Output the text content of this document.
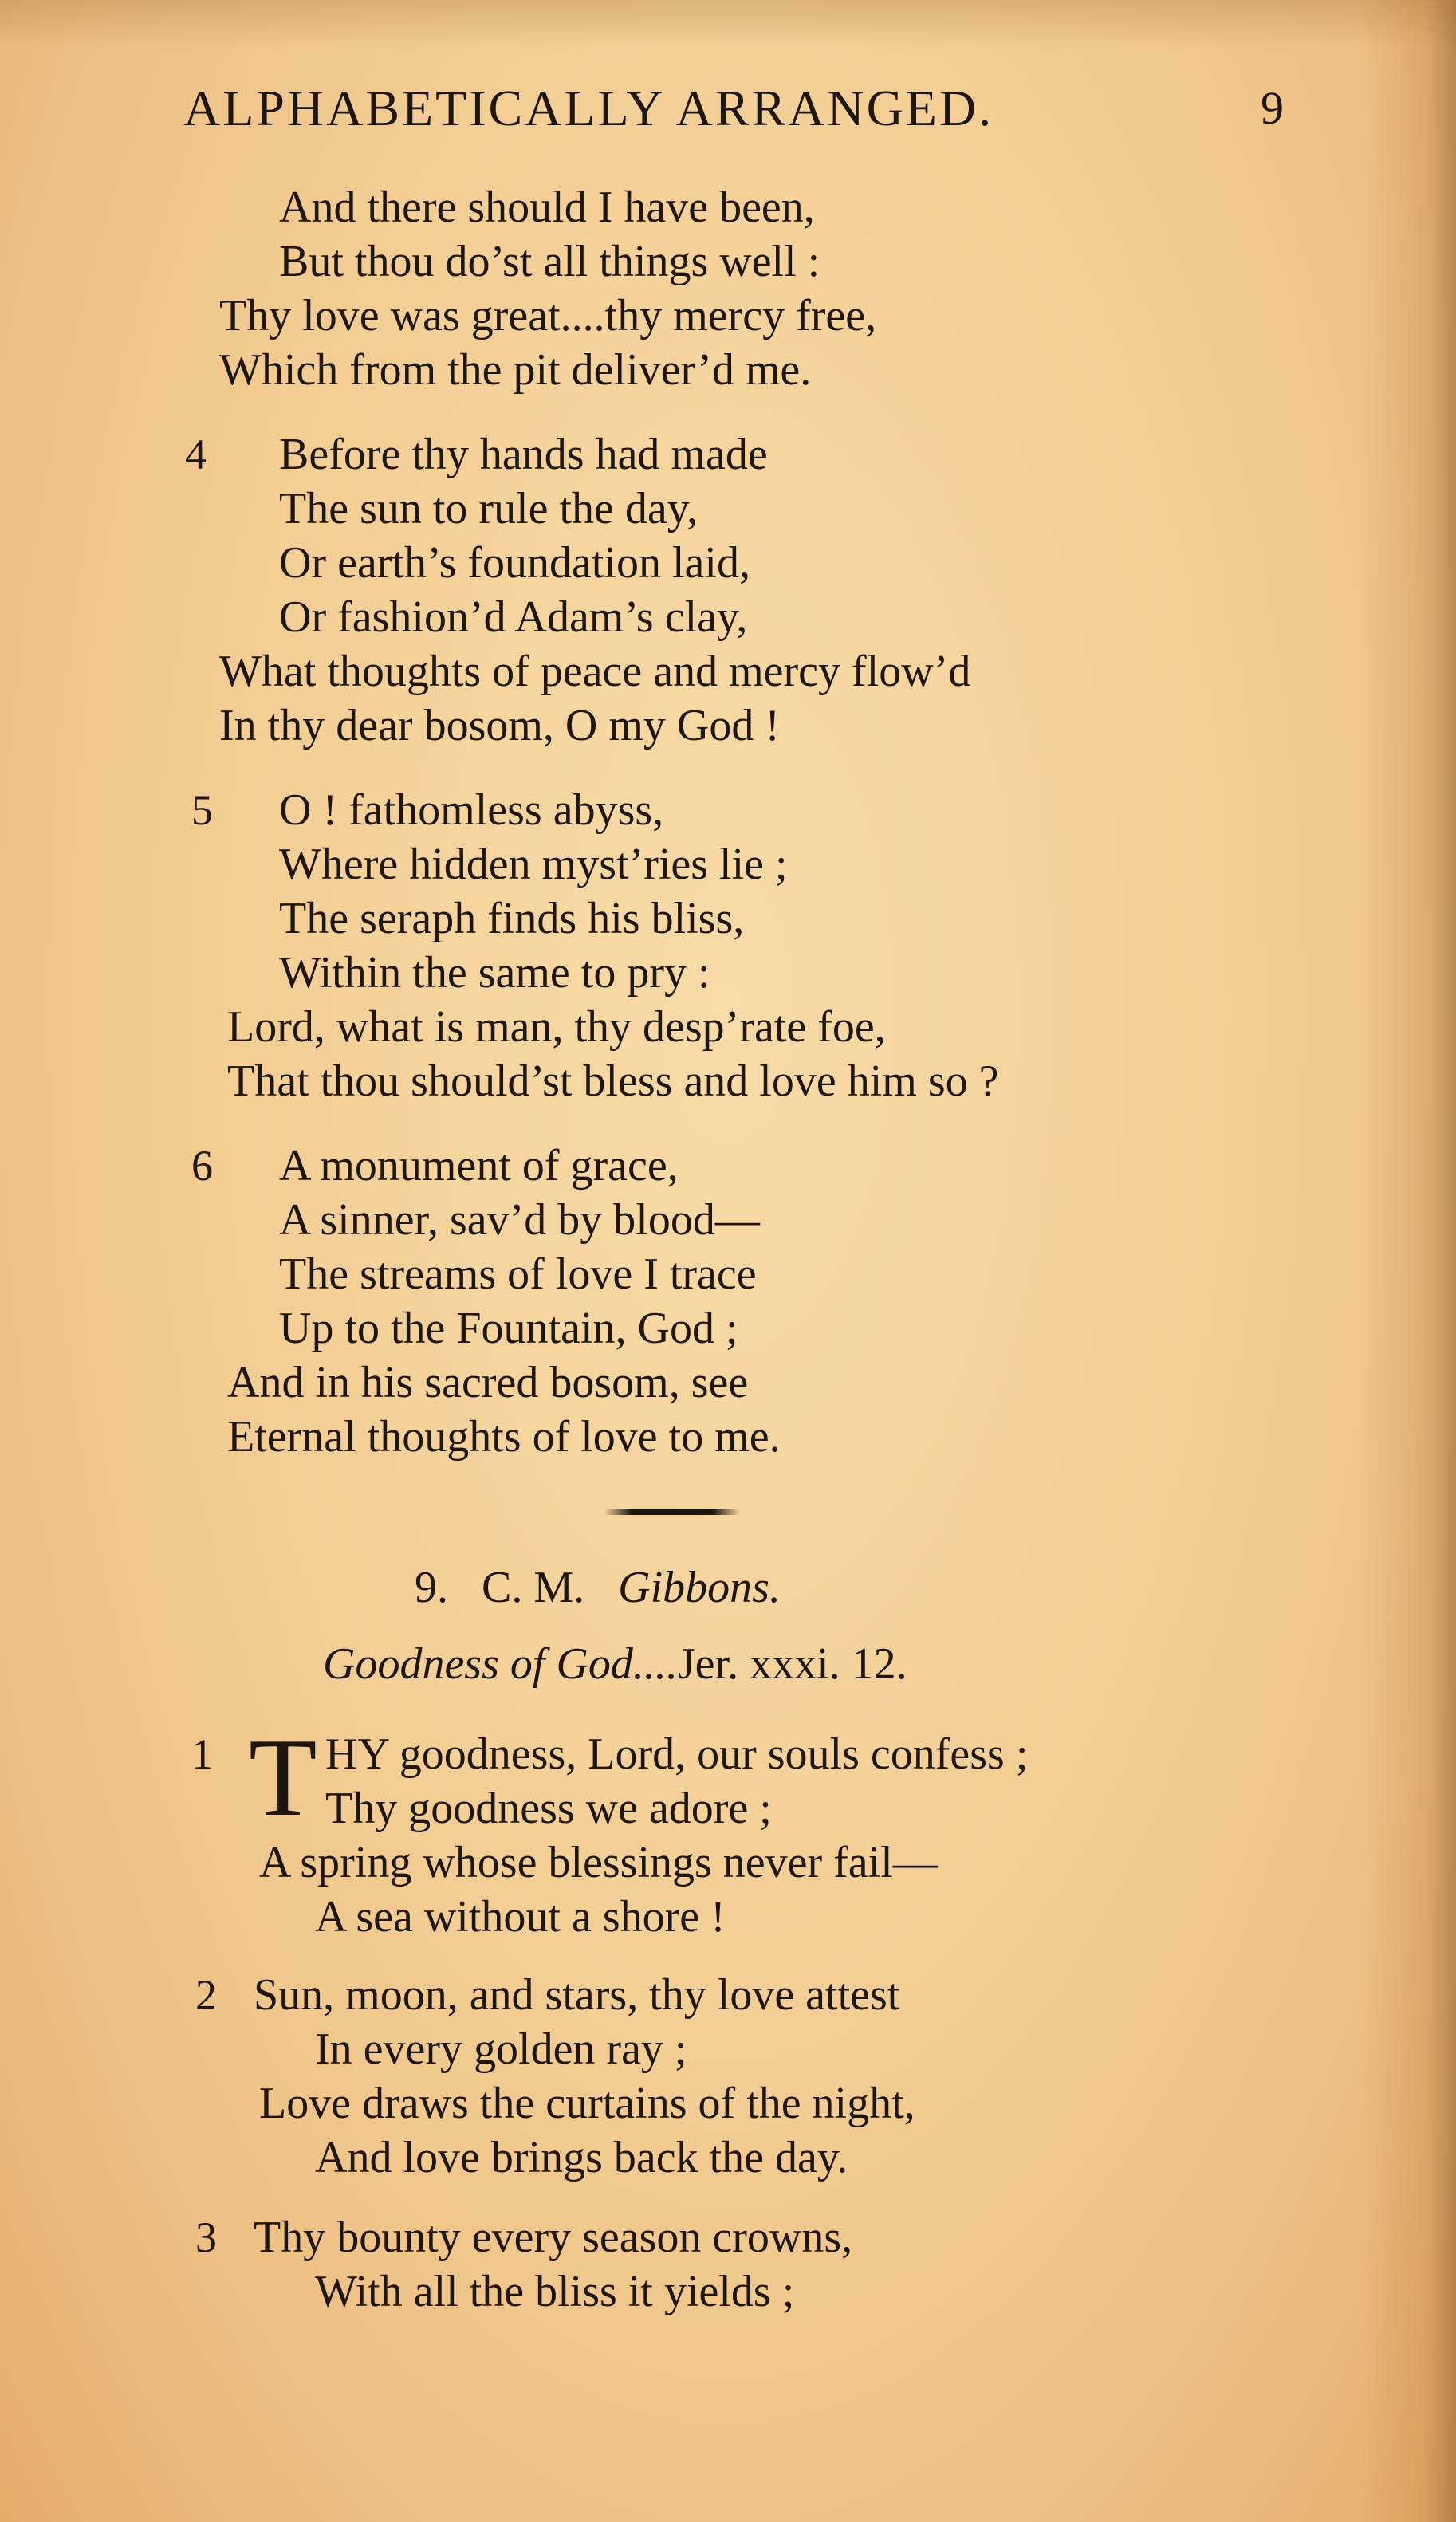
ALPHABETICALLY ARRANGED.	9
And there should I have been,
But thou do’st all things well :
Thy love was great....thy mercy free,
Which from the pit deliver’d me.
4 Before thy hands had made
The sun to rule the day,
Or earth’s foundation laid,
Or fashion’d Adam’s clay,
What thoughts of peace and mercy flow’d
In thy dear bosom, O my God !
5 O ! fathomless abyss,
Where hidden myst’ries lie ;
The seraph finds his bliss,
Within the same to pry :
Lord, what is man, thy desp’rate foe,
That thou should’st bless and love him so ?
6 A monument of grace,
A sinner, sav’d by blood—
The streams of love I trace
Up to the Fountain, God ;
And in his sacred bosom, see
Eternal thoughts of love to me.
9. C. M. Gibbons.
Goodness of God....Jer. xxxi. 12.
1 T HY goodness, Lord, our souls confess ;
Thy goodness we adore ;
A spring whose blessings never fail—
A sea without a shore !
2 Sun, moon, and stars, thy love attest
In every golden ray ;
Love draws the curtains of the night,
And love brings back the day.
3 Thy bounty every season crowns,
With all the bliss it yields ;
